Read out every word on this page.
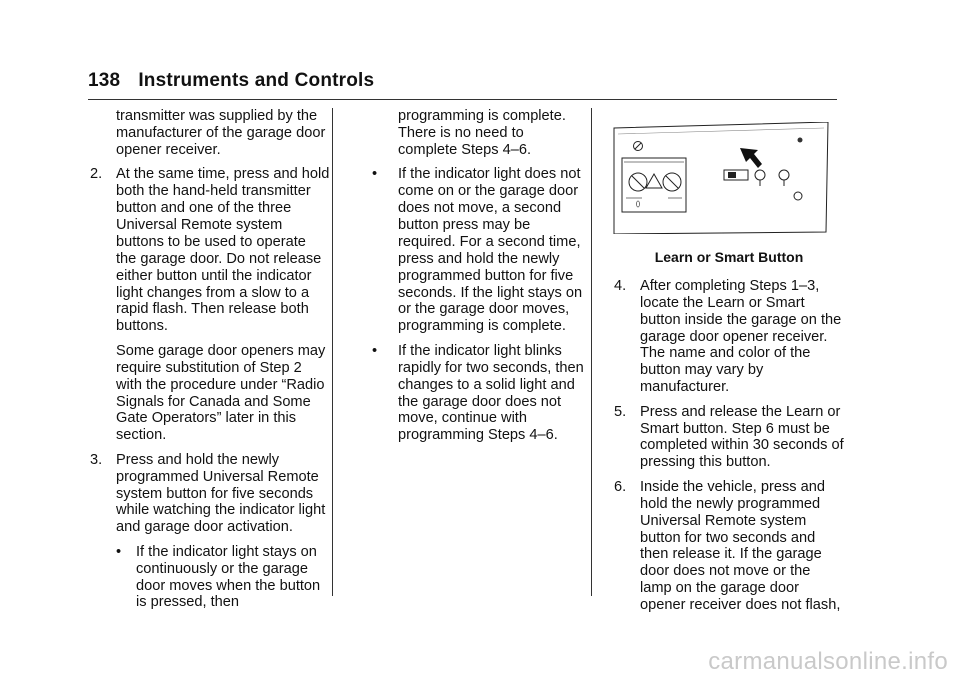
138 Instruments and Controls

transmitter was supplied by the manufacturer of the garage door opener receiver.

2. At the same time, press and hold both the hand-held transmitter button and one of the three Universal Remote system buttons to be used to operate the garage door. Do not release either button until the indicator light changes from a slow to a rapid flash. Then release both buttons.

Some garage door openers may require substitution of Step 2 with the procedure under “Radio Signals for Canada and Some Gate Operators” later in this section.

3. Press and hold the newly programmed Universal Remote system button for five seconds while watching the indicator light and garage door activation.
• If the indicator light stays on continuously or the garage door moves when the button is pressed, then

programming is complete. There is no need to complete Steps 4–6.

• If the indicator light does not come on or the garage door does not move, a second button press may be required. For a second time, press and hold the newly programmed button for five seconds. If the light stays on or the garage door moves, programming is complete.
• If the indicator light blinks rapidly for two seconds, then changes to a solid light and the garage door does not move, continue with programming Steps 4–6.
Learn or Smart Button
4. After completing Steps 1–3, locate the Learn or Smart button inside the garage on the garage door opener receiver. The name and color of the button may vary by manufacturer.
5. Press and release the Learn or Smart button. Step 6 must be completed within 30 seconds of pressing this button.
6. Inside the vehicle, press and hold the newly programmed Universal Remote system button for two seconds and then release it. If the garage door does not move or the lamp on the garage door opener receiver does not flash,
carmanualsonline.info
